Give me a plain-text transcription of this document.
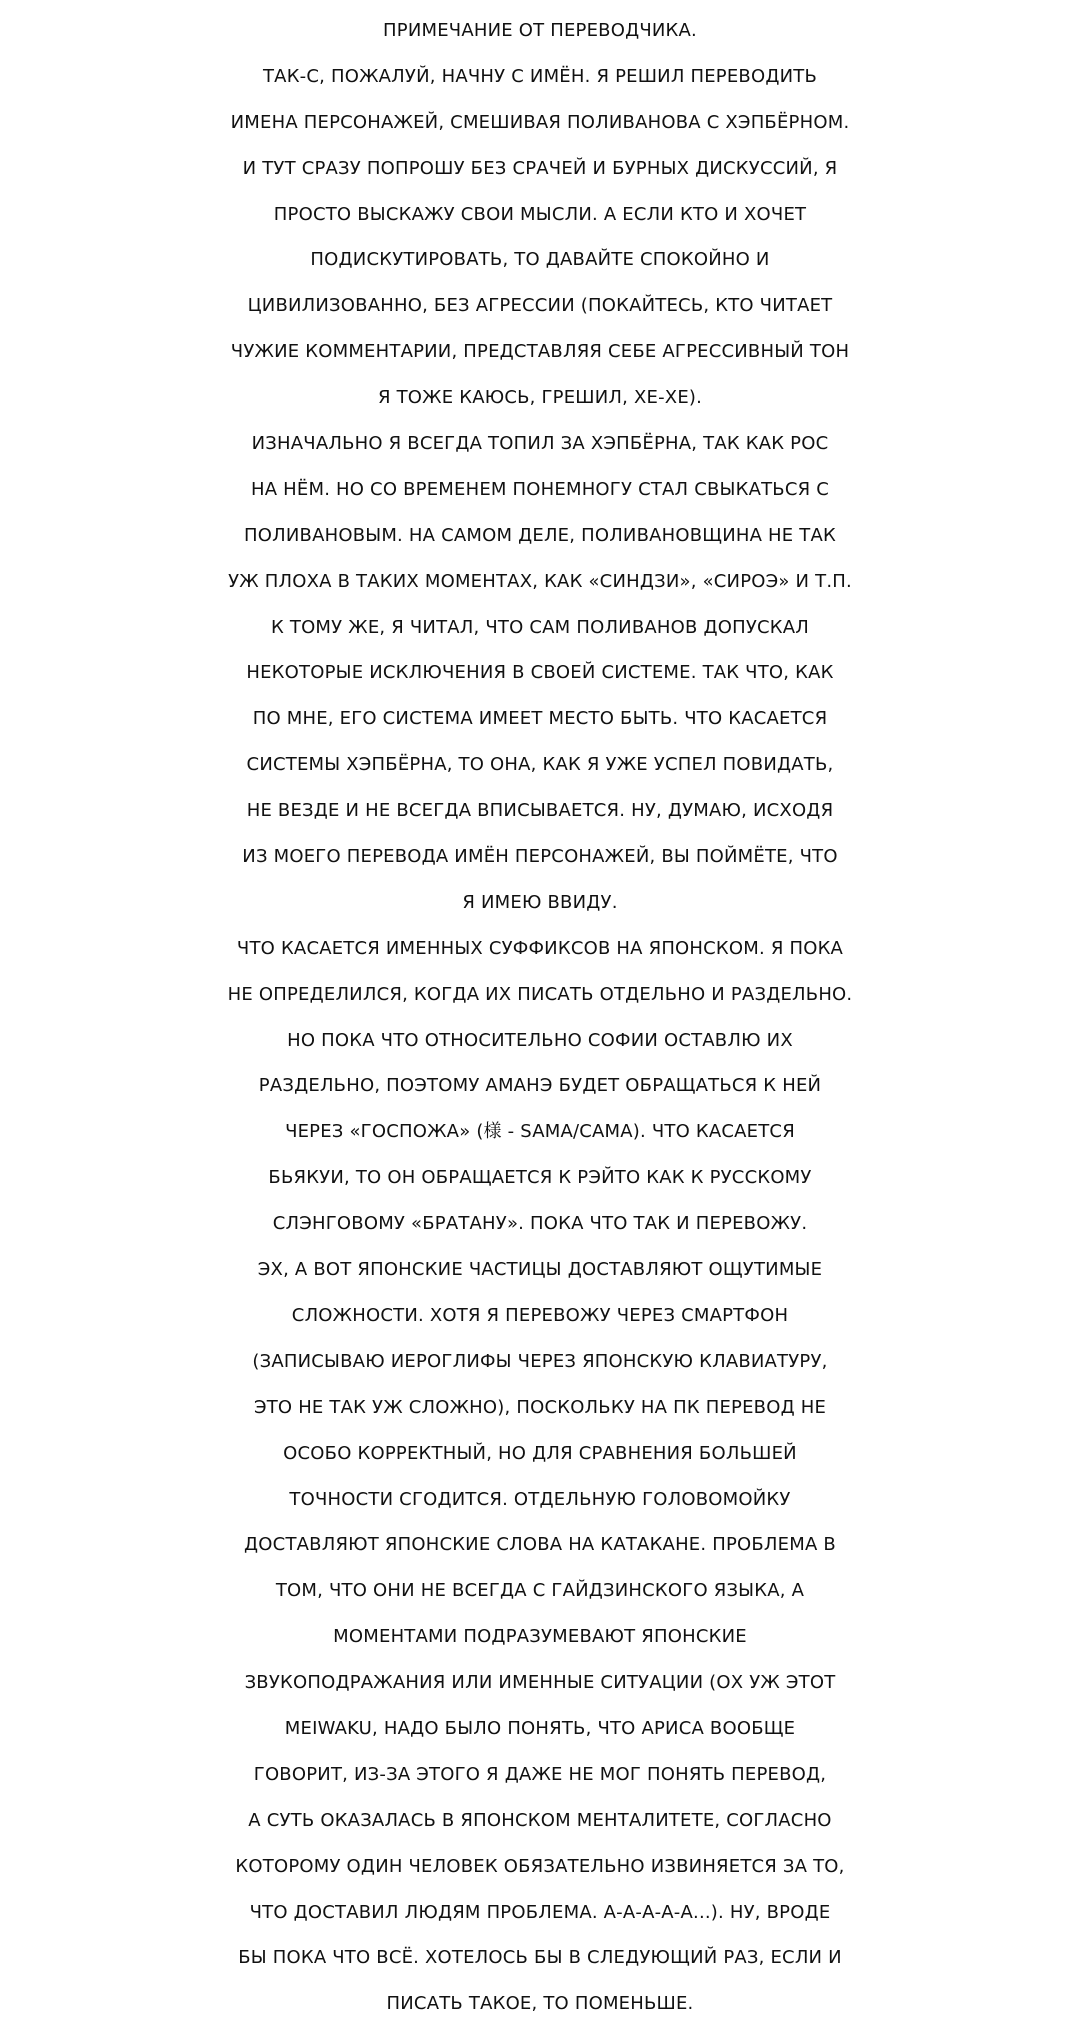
ПРИМЕЧАНИЕ ОТ ПЕРЕВОДЧИКА.
ТАК-С, ПОЖАЛУЙ, НАЧНУ С ИМЁН. Я РЕШИЛ ПЕРЕВОДИТЬ
ИМЕНА ПЕРСОНАЖЕЙ, СМЕШИВАЯ ПОЛИВАНОВА С ХЭПБЁРНОМ.
И ТУТ СРАЗУ ПОПРОШУ БЕЗ СРАЧЕЙ И БУРНЫХ ДИСКУССИЙ, Я
ПРОСТО ВЫСКАЖУ СВОИ МЫСЛИ. А ЕСЛИ КТО И ХОЧЕТ
ПОДИСКУТИРОВАТЬ, ТО ДАВАЙТЕ СПОКОЙНО И
ЦИВИЛИЗОВАННО, БЕЗ АГРЕССИИ (ПОКАЙТЕСЬ, КТО ЧИТАЕТ
ЧУЖИЕ КОММЕНТАРИИ, ПРЕДСТАВЛЯЯ СЕБЕ АГРЕССИВНЫЙ ТОН
Я ТОЖЕ КАЮСЬ, ГРЕШИЛ, ХЕ-ХЕ).
ИЗНАЧАЛЬНО Я ВСЕГДА ТОПИЛ ЗА ХЭПБЁРНА, ТАК КАК РОС
НА НЁМ. НО СО ВРЕМЕНЕМ ПОНЕМНОГУ СТАЛ СВЫКАТЬСЯ С
ПОЛИВАНОВЫМ. НА САМОМ ДЕЛЕ, ПОЛИВАНОВЩИНА НЕ ТАК
УЖ ПЛОХА В ТАКИХ МОМЕНТАХ, КАК «СИНДЗИ», «СИРОЭ» И Т.П.
К ТОМУ ЖЕ, Я ЧИТАЛ, ЧТО САМ ПОЛИВАНОВ ДОПУСКАЛ
НЕКОТОРЫЕ ИСКЛЮЧЕНИЯ В СВОЕЙ СИСТЕМЕ. ТАК ЧТО, КАК
ПО МНЕ, ЕГО СИСТЕМА ИМЕЕТ МЕСТО БЫТЬ. ЧТО КАСАЕТСЯ
СИСТЕМЫ ХЭПБЁРНА, ТО ОНА, КАК Я УЖЕ УСПЕЛ ПОВИДАТЬ,
НЕ ВЕЗДЕ И НЕ ВСЕГДА ВПИСЫВАЕТСЯ. НУ, ДУМАЮ, ИСХОДЯ
ИЗ МОЕГО ПЕРЕВОДА ИМЁН ПЕРСОНАЖЕЙ, ВЫ ПОЙМЁТЕ, ЧТО
Я ИМЕЮ ВВИДУ.
ЧТО КАСАЕТСЯ ИМЕННЫХ СУФФИКСОВ НА ЯПОНСКОМ. Я ПОКА
НЕ ОПРЕДЕЛИЛСЯ, КОГДА ИХ ПИСАТЬ ОТДЕЛЬНО И РАЗДЕЛЬНО.
НО ПОКА ЧТО ОТНОСИТЕЛЬНО СОФИИ ОСТАВЛЮ ИХ
РАЗДЕЛЬНО, ПОЭТОМУ АМАНЭ БУДЕТ ОБРАЩАТЬСЯ К НЕЙ
ЧЕРЕЗ «ГОСПОЖА» (様 - SAMA/САМА). ЧТО КАСАЕТСЯ
БЬЯКУИ, ТО ОН ОБРАЩАЕТСЯ К РЭЙТО КАК К РУССКОМУ
СЛЭНГОВОМУ «БРАТАНУ». ПОКА ЧТО ТАК И ПЕРЕВОЖУ.
ЭХ, А ВОТ ЯПОНСКИЕ ЧАСТИЦЫ ДОСТАВЛЯЮТ ОЩУТИМЫЕ
СЛОЖНОСТИ. ХОТЯ Я ПЕРЕВОЖУ ЧЕРЕЗ СМАРТФОН
(ЗАПИСЫВАЮ ИЕРОГЛИФЫ ЧЕРЕЗ ЯПОНСКУЮ КЛАВИАТУРУ,
ЭТО НЕ ТАК УЖ СЛОЖНО), ПОСКОЛЬКУ НА ПК ПЕРЕВОД НЕ
ОСОБО КОРРЕКТНЫЙ, НО ДЛЯ СРАВНЕНИЯ БОЛЬШЕЙ
ТОЧНОСТИ СГОДИТСЯ. ОТДЕЛЬНУЮ ГОЛОВОМОЙКУ
ДОСТАВЛЯЮТ ЯПОНСКИЕ СЛОВА НА КАТАКАНЕ. ПРОБЛЕМА В
ТОМ, ЧТО ОНИ НЕ ВСЕГДА С ГАЙДЗИНСКОГО ЯЗЫКА, А
МОМЕНТАМИ ПОДРАЗУМЕВАЮТ ЯПОНСКИЕ
ЗВУКОПОДРАЖАНИЯ ИЛИ ИМЕННЫЕ СИТУАЦИИ (ОХ УЖ ЭТОТ
MEIWAKU, НАДО БЫЛО ПОНЯТЬ, ЧТО АРИСА ВООБЩЕ
ГОВОРИТ, ИЗ-ЗА ЭТОГО Я ДАЖЕ НЕ МОГ ПОНЯТЬ ПЕРЕВОД,
А СУТЬ ОКАЗАЛАСЬ В ЯПОНСКОМ МЕНТАЛИТЕТЕ, СОГЛАСНО
КОТОРОМУ ОДИН ЧЕЛОВЕК ОБЯЗАТЕЛЬНО ИЗВИНЯЕТСЯ ЗА ТО,
ЧТО ДОСТАВИЛ ЛЮДЯМ ПРОБЛЕМА. А-А-А-А-А...). НУ, ВРОДЕ
БЫ ПОКА ЧТО ВСЁ. ХОТЕЛОСЬ БЫ В СЛЕДУЮЩИЙ РАЗ, ЕСЛИ И
ПИСАТЬ ТАКОЕ, ТО ПОМЕНЬШЕ.
